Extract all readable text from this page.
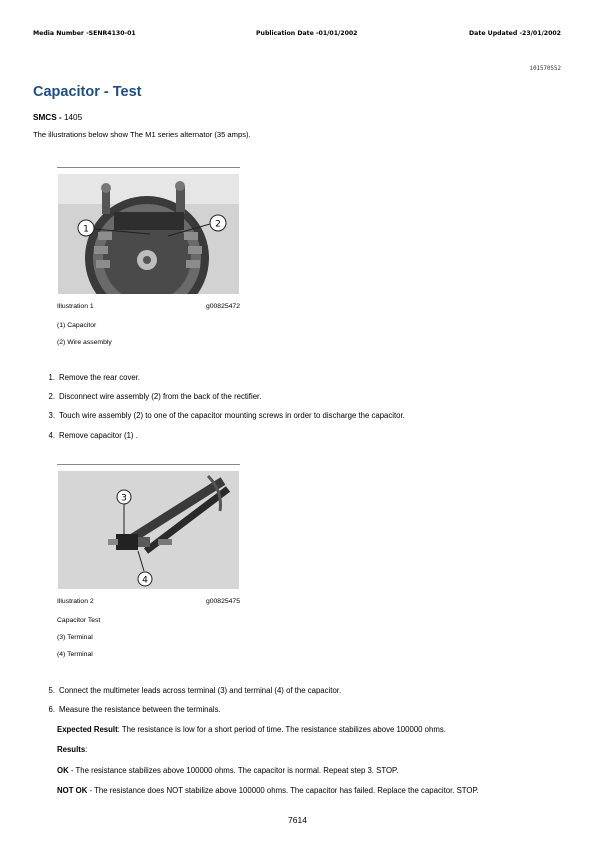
Media Number -SENR4130-01	Publication Date -01/01/2002	Date Updated -23/01/2002
i01570552
Capacitor - Test
SMCS - 1405
The illustrations below show The M1 series alternator (35 amps).
1	2
Illustration 1	g00825472
(1) Capacitor
(2) Wire assembly
1. Remove the rear cover.
2. Disconnect wire assembly (2) from the back of the rectifier.
3. Touch wire assembly (2) to one of the capacitor mounting screws in order to discharge the capacitor.
4. Remove capacitor (1) .
3
4
Illustration 2	g00825475
Capacitor Test
(3) Terminal
(4) Terminal
5. Connect the multimeter leads across terminal (3) and terminal (4) of the capacitor.
6. Measure the resistance between the terminals.
Expected Result: The resistance is low for a short period of time. The resistance stabilizes above 100000 ohms.
Results:
OK - The resistance stabilizes above 100000 ohms. The capacitor is normal. Repeat step 3. STOP.
NOT OK - The resistance does NOT stabilize above 100000 ohms. The capacitor has failed. Replace the capacitor. STOP.
7614
